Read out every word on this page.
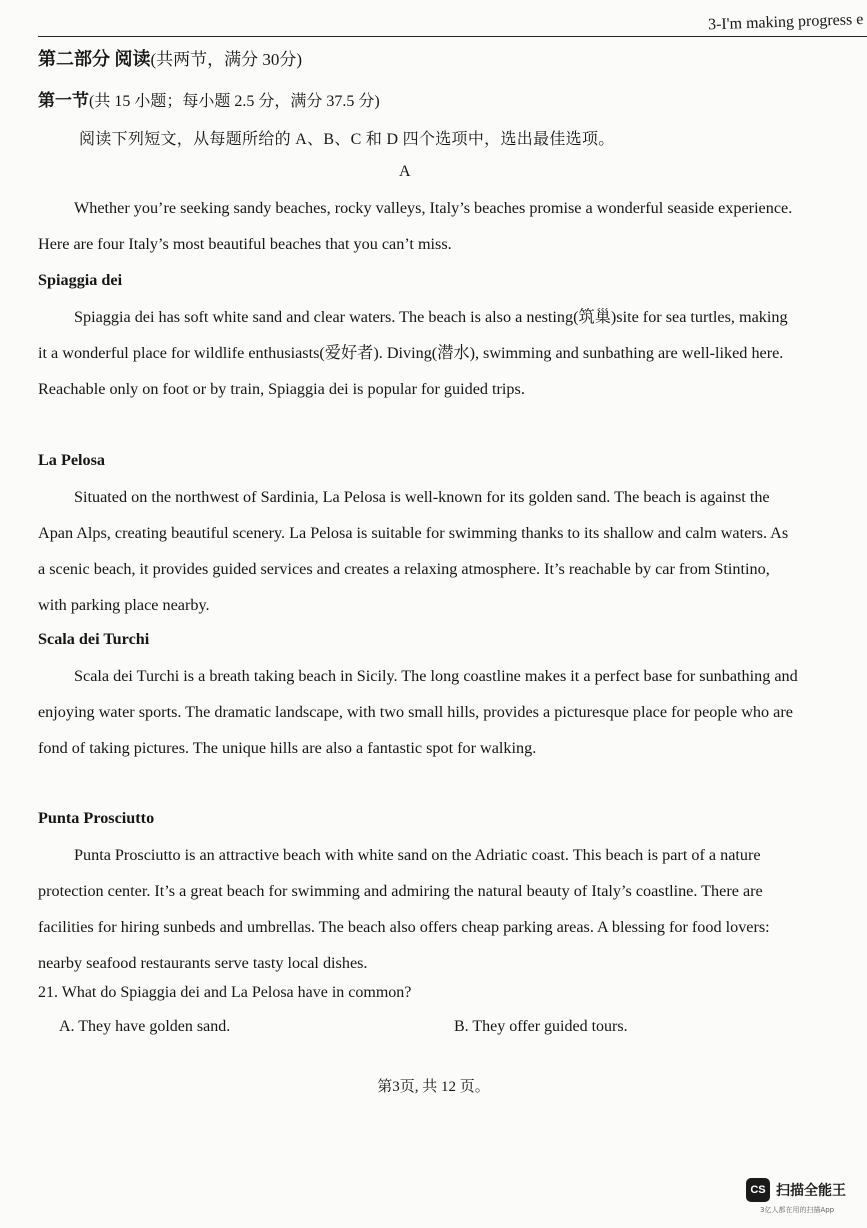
3-I'm making progress e
第二部分 阅读(共两节，满分 30分)
第一节(共 15 小题；每小题 2.5 分，满分 37.5 分)
阅读下列短文，从每题所给的 A、B、C 和 D 四个选项中，选出最佳选项。
A

Whether you’re seeking sandy beaches, rocky valleys, Italy’s beaches promise a wonderful seaside experience. Here are four Italy’s most beautiful beaches that you can’t miss.

Spiaggia dei

Spiaggia dei has soft white sand and clear waters. The beach is also a nesting(筑巢)site for sea turtles, making it a wonderful place for wildlife enthusiasts(爱好者). Diving(潜水), swimming and sunbathing are well-liked here. Reachable only on foot or by train, Spiaggia dei is popular for guided trips.

La Pelosa

Situated on the northwest of Sardinia, La Pelosa is well-known for its golden sand. The beach is against the Apan Alps, creating beautiful scenery. La Pelosa is suitable for swimming thanks to its shallow and calm waters. As a scenic beach, it provides guided services and creates a relaxing atmosphere. It’s reachable by car from Stintino, with parking place nearby.

Scala dei Turchi

Scala dei Turchi is a breath taking beach in Sicily. The long coastline makes it a perfect base for sunbathing and enjoying water sports. The dramatic landscape, with two small hills, provides a picturesque place for people who are fond of taking pictures. The unique hills are also a fantastic spot for walking.

Punta Prosciutto

Punta Prosciutto is an attractive beach with white sand on the Adriatic coast. This beach is part of a nature protection center. It’s a great beach for swimming and admiring the natural beauty of Italy’s coastline. There are facilities for hiring sunbeds and umbrellas. The beach also offers cheap parking areas. A blessing for food lovers: nearby seafood restaurants serve tasty local dishes.

21. What do Spiaggia dei and La Pelosa have in common?
A. They have golden sand.	B. They offer guided tours.
第3页, 共 12 页。
CS 扫描全能王
3亿人都在用的扫描App
